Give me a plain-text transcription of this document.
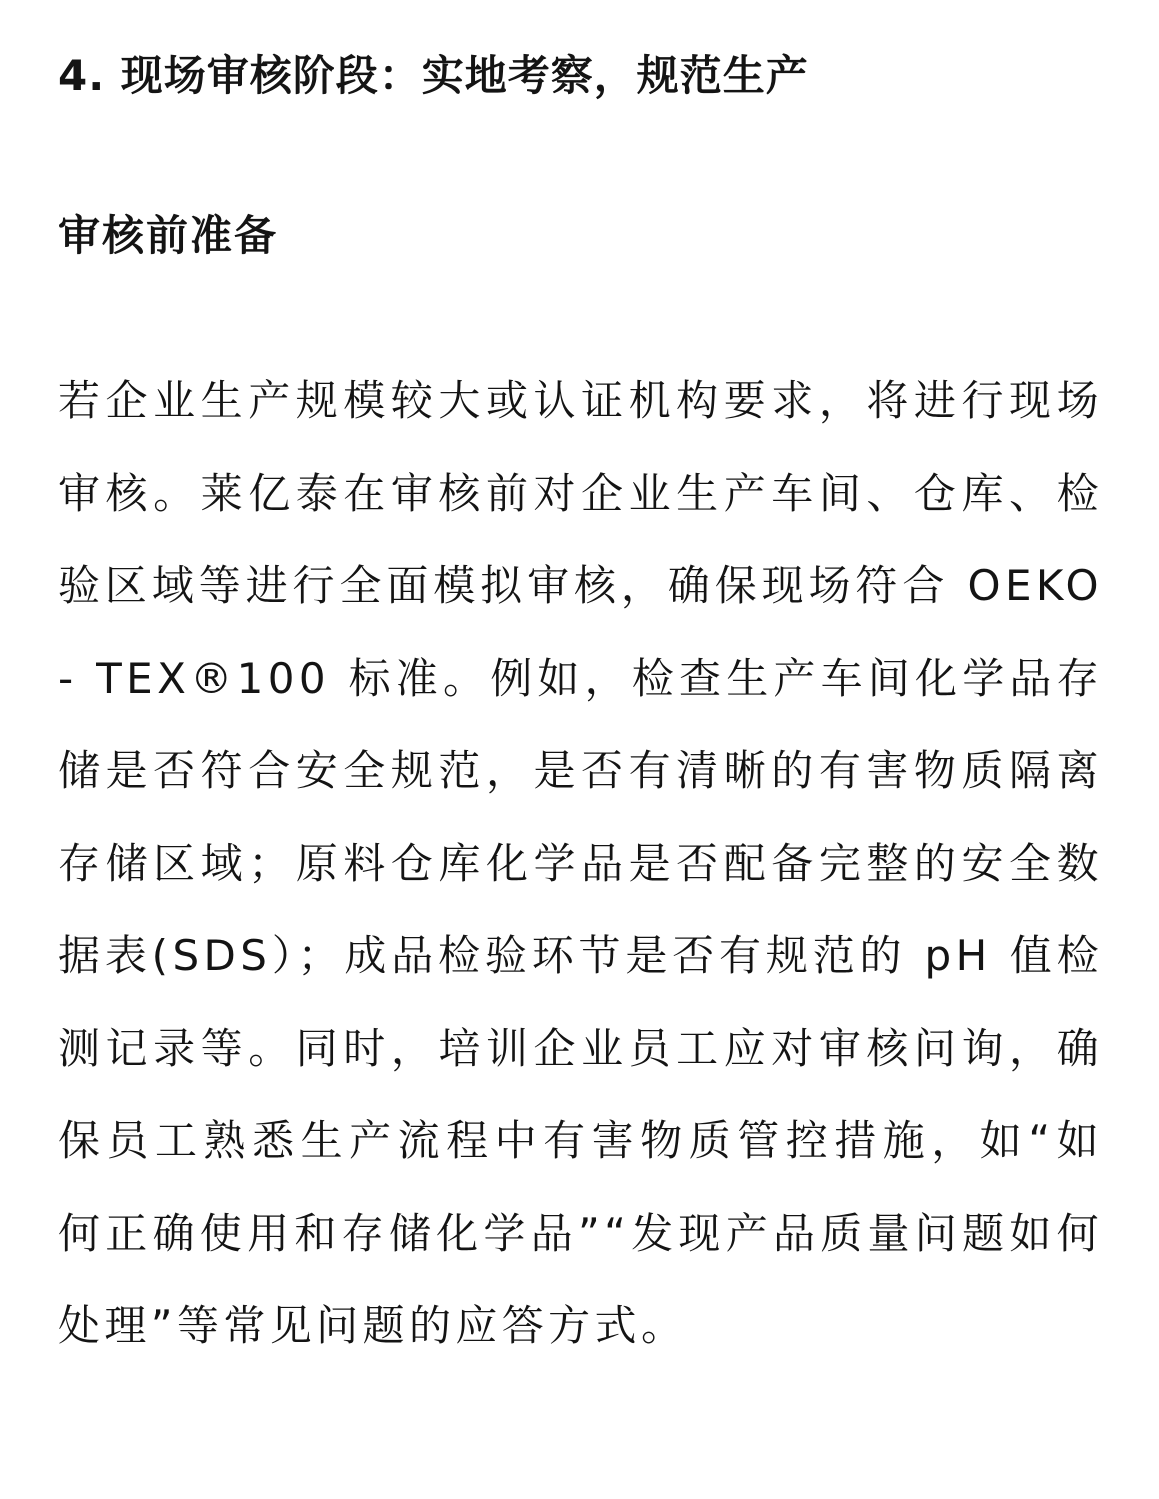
4. 现场审核阶段：实地考察，规范生产
审核前准备

若企业生产规模较大或认证机构要求，将进行现场审核。莱亿泰在审核前对企业生产车间、仓库、检验区域等进行全面模拟审核，确保现场符合 OEKO - TEX®100 标准。例如，检查生产车间化学品存储是否符合安全规范，是否有清晰的有害物质隔离存储区域；原料仓库化学品是否配备完整的安全数据表(SDS）；成品检验环节是否有规范的 pH 值检测记录等。同时，培训企业员工应对审核问询，确保员工熟悉生产流程中有害物质管控措施，如“如何正确使用和存储化学品”“发现产品质量问题如何处理”等常见问题的应答方式。
